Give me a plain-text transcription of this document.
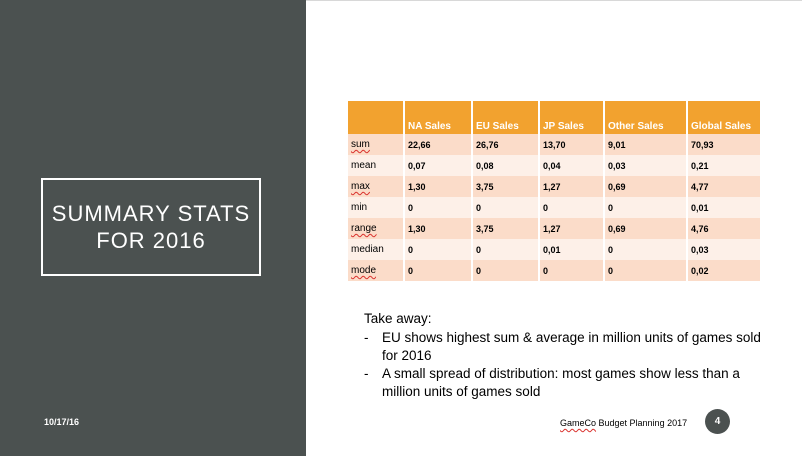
SUMMARY STATS
FOR 2016
10/17/16
	NA Sales	EU Sales	JP Sales	Other Sales	Global Sales
sum	22,66	26,76	13,70	9,01	70,93
mean	0,07	0,08	0,04	0,03	0,21
max	1,30	3,75	1,27	0,69	4,77
min	0	0	0	0	0,01
range	1,30	3,75	1,27	0,69	4,76
median	0	0	0,01	0	0,03
mode	0	0	0	0	0,02
Take away:
-	EU shows highest sum & average in million units of games sold for 2016
-	A small spread of distribution: most games show less than a million units of games sold
GameCo Budget Planning 2017	4
